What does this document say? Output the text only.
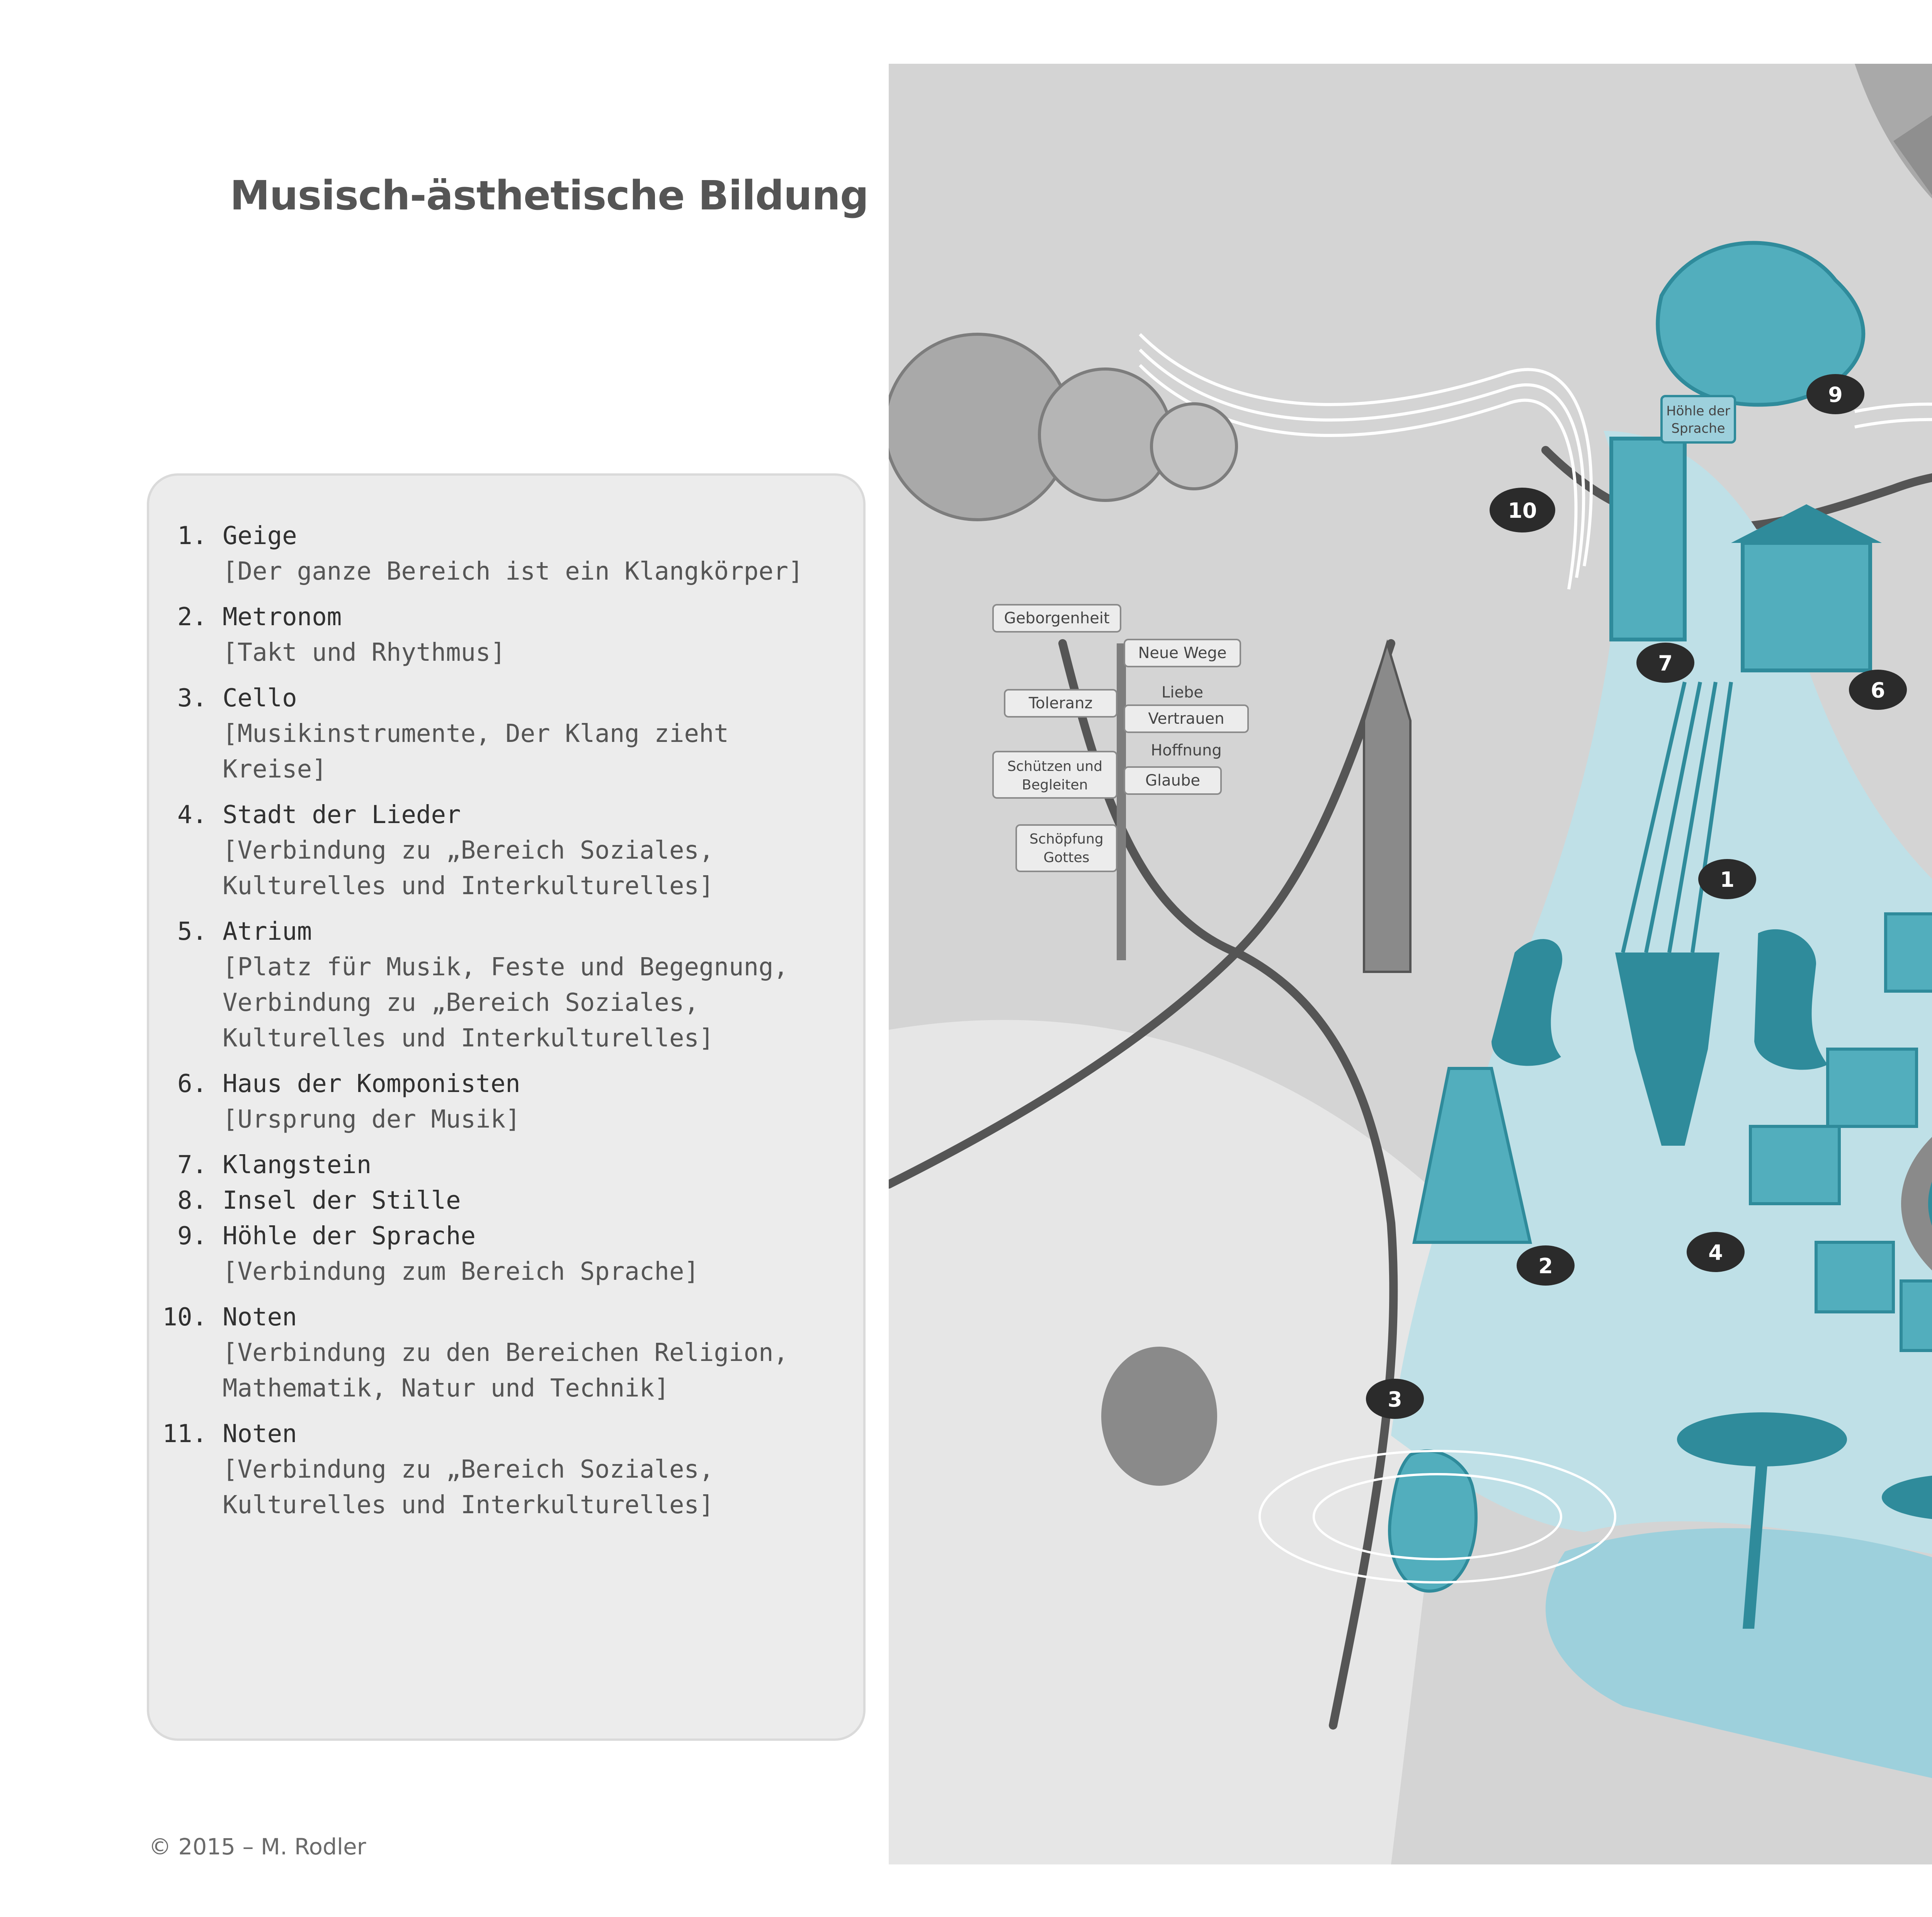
Musisch-ästhetische Bildung
1. Geige
[Der ganze Bereich ist ein Klangkörper]
2. Metronom
[Takt und Rhythmus]
3. Cello
[Musikinstrumente, Der Klang zieht Kreise]
4. Stadt der Lieder
[Verbindung zu „Bereich Soziales, Kulturelles und Interkulturelles]
5. Atrium
[Platz für Musik, Feste und Begegnung, Verbindung zu „Bereich Soziales, Kulturelles und Interkulturelles]
6. Haus der Komponisten
[Ursprung der Musik]
7. Klangstein
8. Insel der Stille
9. Höhle der Sprache
[Verbindung zum Bereich Sprache]
10. Noten
[Verbindung zu den Bereichen Religion, Mathematik, Natur und Technik]
11. Noten
[Verbindung zu „Bereich Soziales, Kulturelles und Interkulturelles]
© 2015 – M. Rodler
Höhle der
Sprache
Geborgenheit
Neue Wege
Liebe
Toleranz
Vertrauen
Hoffnung
Schützen und
Begleiten	Glaube
Schöpfung
Gottes
10
9
7
6
1
2
4
3
